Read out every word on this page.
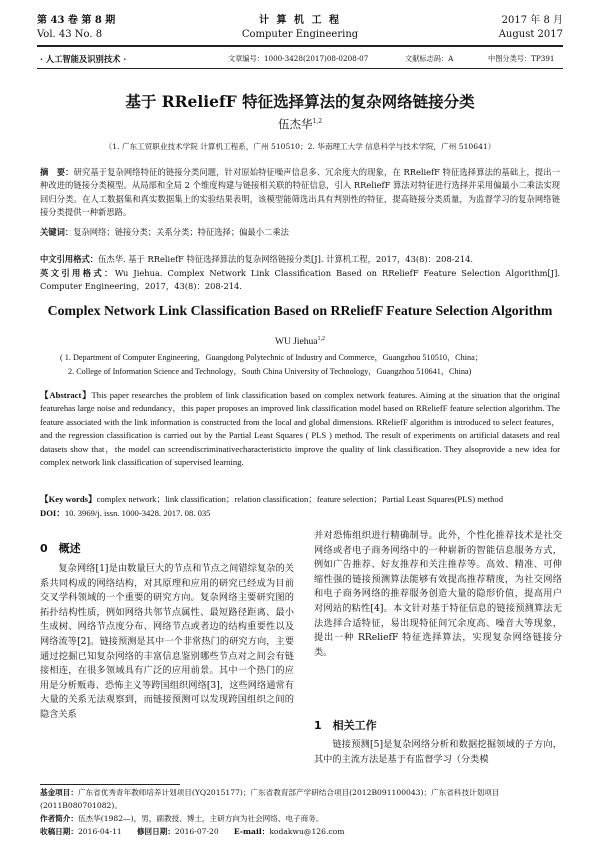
第 43 卷 第 8 期
Vol. 43 No. 8
计 算 机 工 程
Computer Engineering
2017 年 8 月
August 2017
· 人工智能及识别技术 ·	文章编号：1000-3428(2017)08-0208-07	文献标志码：A	中图分类号：TP391
基于 RReliefF 特征选择算法的复杂网络链接分类
伍杰华$^{1,2}$
（1. 广东工贸职业技术学院 计算机工程系，广州 510510；2. 华南理工大学 信息科学与技术学院，广州 510641）
摘　要：研究基于复杂网络特征的链接分类问题，针对原始特征噪声信息多、冗余度大的现象，在 RReliefF 特征选择算法的基础上，提出一种改进的链接分类模型。从局部和全局 2 个维度构建与链接相关联的特征信息，引入 RReliefF 算法对特征进行选择并采用偏最小二乘法实现回归分类。在人工数据集和真实数据集上的实验结果表明，该模型能筛选出具有判别性的特征，提高链接分类质量，为监督学习的复杂网络链接分类提供一种新思路。
关键词：复杂网络；链接分类；关系分类；特征选择；偏最小二乘法
中文引用格式：伍杰华. 基于 RReliefF 特征选择算法的复杂网络链接分类[J]. 计算机工程，2017，43(8)：208-214.
英文引用格式：Wu Jiehua. Complex Network Link Classification Based on RReliefF Feature Selection Algorithm[J]. Computer Engineering，2017，43(8)：208-214.
Complex Network Link Classification Based on RReliefF Feature Selection Algorithm
WU Jiehua$^{1,2}$
( 1. Department of Computer Engineering，Guangdong Polytechnic of Industry and Commerce，Guangzhou 510510，China；
2. College of Information Science and Technology，South China University of Technology，Guangzhou 510641，China)
【Abstract】This paper researches the problem of link classification based on complex network features. Aiming at the situation that the original featurehas large noise and redundancy，this paper proposes an improved link classification model based on RReliefF feature selection algorithm. The feature associated with the link information is constructed from the local and global dimensions. RReliefF algorithm is introduced to select features，and the regression classification is carried out by the Partial Least Squares ( PLS ) method. The result of experiments on artificial datasets and real datasets show that，the model can screendiscriminativecharacteristicto improve the quality of link classification. They alsoprovide a new idea for complex network link classification of supervised learning.
【Key words】complex network；link classification；relation classification；feature selection；Partial Least Squares(PLS) method
DOI：10. 3969/j. issn. 1000-3428. 2017. 08. 035
0　概述
复杂网络[1]是由数量巨大的节点和节点之间错综复杂的关系共同构成的网络结构，对其原理和应用的研究已经成为目前交叉学科领域的一个重要的研究方向。复杂网络主要研究图的拓扑结构性质，例如网络共邻节点属性、最短路径距离、最小生成树、网络节点度分布、网络节点或者边的结构重要性以及网络流等[2]。链接预测是其中一个非常热门的研究方向，主要通过挖掘已知复杂网络的丰富信息鉴别哪些节点对之间会有链接相连，在很多领域具有广泛的应用前景。其中一个热门的应用是分析贩毒、恐怖主义等跨国组织网络[3]，这些网络通常有大量的关系无法观察到，而链接预测可以发现跨国组织之间的隐含关系
并对恐怖组织进行精确制导。此外，个性化推荐技术是社交网络或者电子商务网络中的一种崭新的智能信息服务方式，例如广告推荐、好友推荐和关注推荐等。高效、精准、可伸缩性强的链接预测算法能够有效提高推荐精度，为社交网络和电子商务网络的推荐服务创造大量的隐形价值，提高用户对网站的粘性[4]。本文针对基于特征信息的链接预测算法无法选择合适特征，易出现特征间冗余度高、噪音大等现象，提出一种 RReliefF 特征选择算法，实现复杂网络链接分类。
1　相关工作
链接预测[5]是复杂网络分析和数据挖掘领域的子方向，其中的主流方法是基于有监督学习（分类模
基金项目：广东省优秀青年教师培养计划项目(YQ2015177)；广东省教育部产学研结合项目(2012B091100043)；广东省科技计划项目(2011B080701082)。
作者简介：伍杰华(1982—)，男，副教授、博士，主研方向为社会网络、电子商务。
收稿日期：2016-04-11　　 修回日期：2016-07-20　　 E-mail：kodakwu@126.com
